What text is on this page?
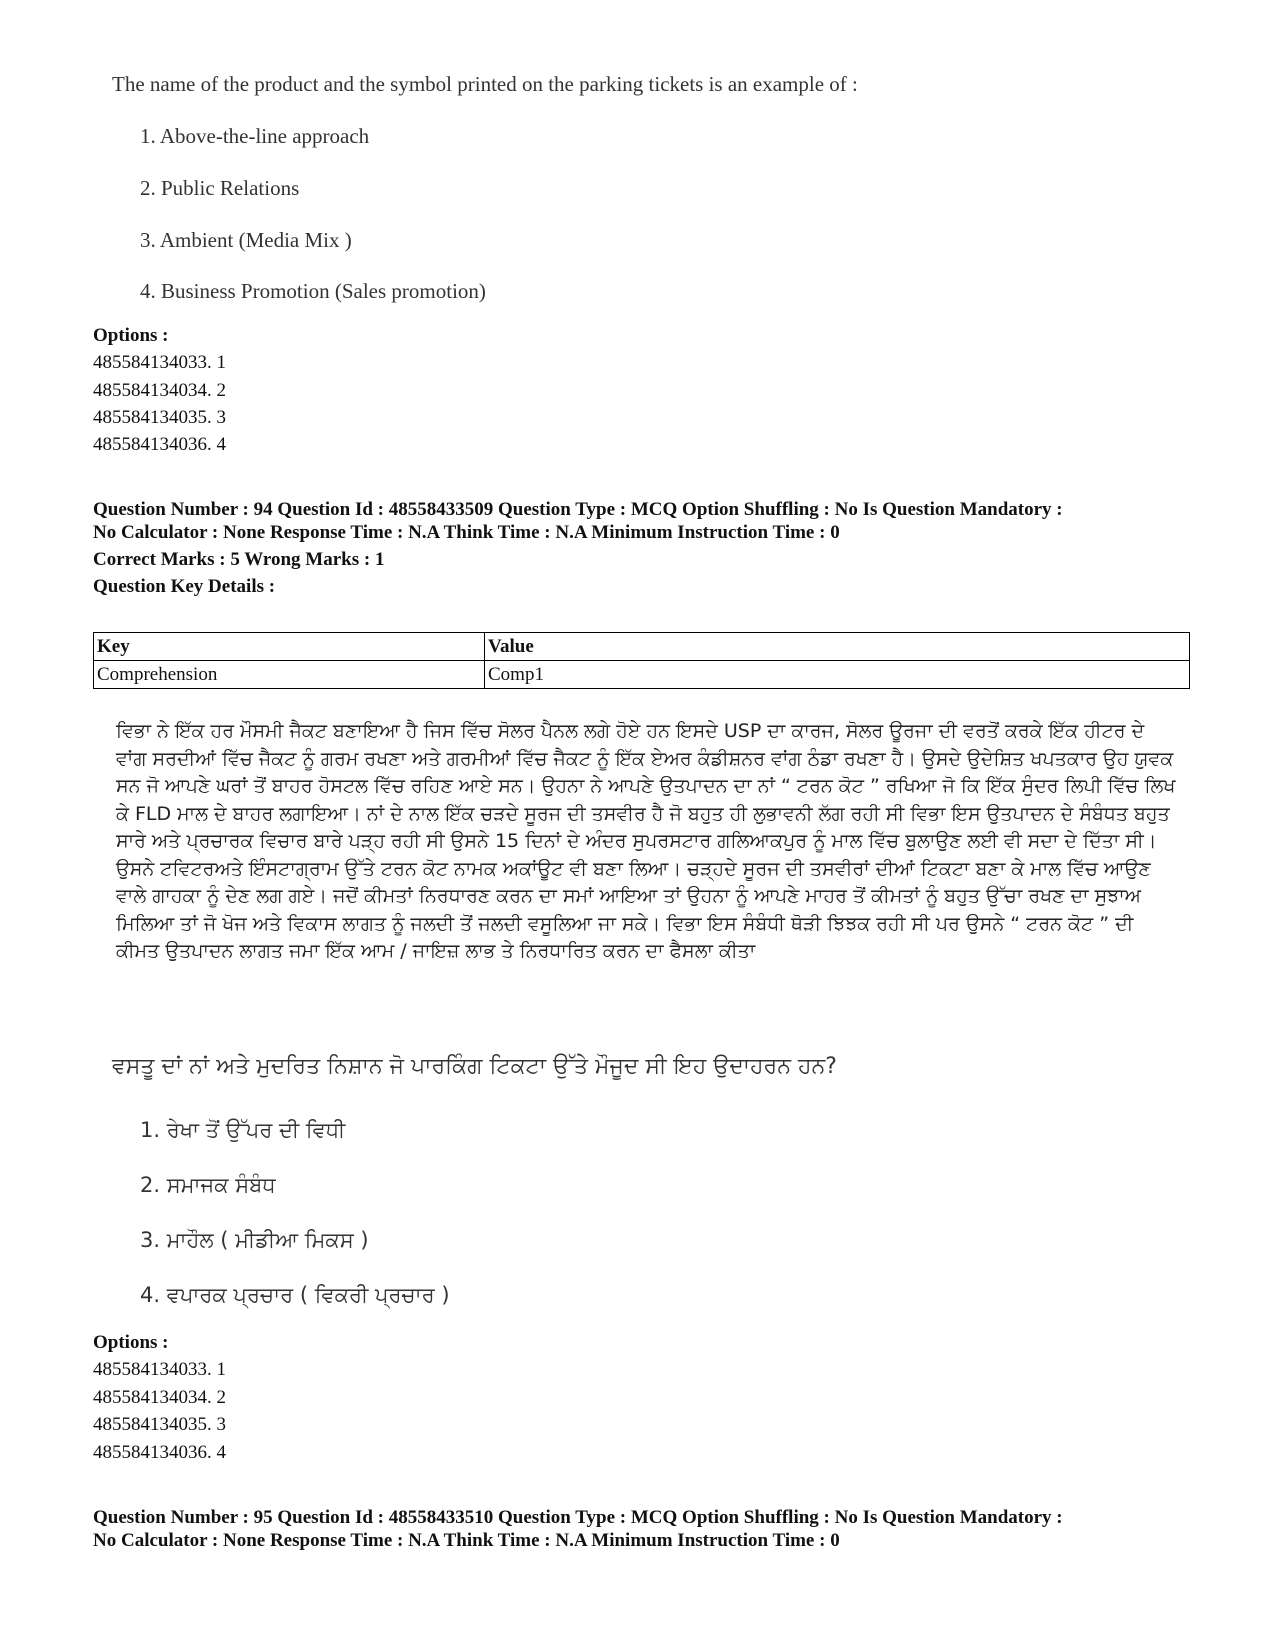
The name of the product and the symbol printed on the parking tickets is an example of :
1. Above-the-line approach
2. Public Relations
3. Ambient (Media Mix )
4. Business Promotion (Sales promotion)
Options :
485584134033. 1
485584134034. 2
485584134035. 3
485584134036. 4
Question Number : 94 Question Id : 48558433509 Question Type : MCQ Option Shuffling : No Is Question Mandatory :
No Calculator : None Response Time : N.A Think Time : N.A Minimum Instruction Time : 0
Correct Marks : 5 Wrong Marks : 1
Question Key Details :
Key	Value
Comprehension	Comp1
ਵਿਭਾ ਨੇ ਇੱਕ ਹਰ ਮੌਸਮੀ ਜੈਕਟ ਬਣਾਇਆ ਹੈ ਜਿਸ ਵਿੱਚ ਸੋਲਰ ਪੈਨਲ ਲਗੇ ਹੋਏ ਹਨ ਇਸਦੇ USP ਦਾ ਕਾਰਜ, ਸੋਲਰ ਊਰਜਾ ਦੀ ਵਰਤੋਂ ਕਰਕੇ ਇੱਕ ਹੀਟਰ ਦੇ ਵਾਂਗ ਸਰਦੀਆਂ ਵਿੱਚ ਜੈਕਟ ਨੂੰ ਗਰਮ ਰਖਣਾ ਅਤੇ ਗਰਮੀਆਂ ਵਿੱਚ ਜੈਕਟ ਨੂੰ ਇੱਕ ਏਅਰ ਕੰਡੀਸ਼ਨਰ ਵਾਂਗ ਠੰਡਾ ਰਖਣਾ ਹੈ। ਉਸਦੇ ਉਦੇਸ਼ਿਤ ਖਪਤਕਾਰ ਉਹ ਯੁਵਕ ਸਨ ਜੋ ਆਪਣੇ ਘਰਾਂ ਤੋਂ ਬਾਹਰ ਹੋਸਟਲ ਵਿੱਚ ਰਹਿਣ ਆਏ ਸਨ। ਉਹਨਾ ਨੇ ਆਪਣੇ ਉਤਪਾਦਨ ਦਾ ਨਾਂ “ ਟਰਨ ਕੋਟ ” ਰਖਿਆ ਜੋ ਕਿ ਇੱਕ ਸੁੰਦਰ ਲਿਪੀ ਵਿੱਚ ਲਿਖ ਕੇ FLD ਮਾਲ ਦੇ ਬਾਹਰ ਲਗਾਇਆ। ਨਾਂ ਦੇ ਨਾਲ ਇੱਕ ਚੜਦੇ ਸੂਰਜ ਦੀ ਤਸਵੀਰ ਹੈ ਜੋ ਬਹੁਤ ਹੀ ਲੁਭਾਵਨੀ ਲੱਗ ਰਹੀ ਸੀ ਵਿਭਾ ਇਸ ਉਤਪਾਦਨ ਦੇ ਸੰਬੰਧਤ ਬਹੁਤ ਸਾਰੇ ਅਤੇ ਪ੍ਰਚਾਰਕ ਵਿਚਾਰ ਬਾਰੇ ਪੜ੍ਹ ਰਹੀ ਸੀ ਉਸਨੇ 15 ਦਿਨਾਂ ਦੇ ਅੰਦਰ ਸੁਪਰਸਟਾਰ ਗਲਿਆਕਪੁਰ ਨੂੰ ਮਾਲ ਵਿੱਚ ਬੁਲਾਉਣ ਲਈ ਵੀ ਸਦਾ ਦੇ ਦਿੱਤਾ ਸੀ। ਉਸਨੇ ਟਵਿਟਰਅਤੇ ਇੰਸਟਾਗ੍ਰਾਮ ਉੱਤੇ ਟਰਨ ਕੋਟ ਨਾਮਕ ਅਕਾਂਊਟ ਵੀ ਬਣਾ ਲਿਆ। ਚੜ੍ਹਦੇ ਸੂਰਜ ਦੀ ਤਸਵੀਰਾਂ ਦੀਆਂ ਟਿਕਟਾ ਬਣਾ ਕੇ ਮਾਲ ਵਿੱਚ ਆਉਣ ਵਾਲੇ ਗਾਹਕਾ ਨੂੰ ਦੇਣ ਲਗ ਗਏ। ਜਦੋਂ ਕੀਮਤਾਂ ਨਿਰਧਾਰਣ ਕਰਨ ਦਾ ਸਮਾਂ ਆਇਆ ਤਾਂ ਉਹਨਾ ਨੂੰ ਆਪਣੇ ਮਾਹਰ ਤੋਂ ਕੀਮਤਾਂ ਨੂੰ ਬਹੁਤ ਉੱਚਾ ਰਖਣ ਦਾ ਸੁਝਾਅ ਮਿਲਿਆ ਤਾਂ ਜੋ ਖੋਜ ਅਤੇ ਵਿਕਾਸ ਲਾਗਤ ਨੂੰ ਜਲਦੀ ਤੋਂ ਜਲਦੀ ਵਸੂਲਿਆ ਜਾ ਸਕੇ। ਵਿਭਾ ਇਸ ਸੰਬੰਧੀ ਥੋੜੀ ਝਿਝਕ ਰਹੀ ਸੀ ਪਰ ਉਸਨੇ “ ਟਰਨ ਕੋਟ ” ਦੀ ਕੀਮਤ ਉਤਪਾਦਨ ਲਾਗਤ ਜਮਾ ਇੱਕ ਆਮ / ਜਾਇਜ਼ ਲਾਭ ਤੇ ਨਿਰਧਾਰਿਤ ਕਰਨ ਦਾ ਫੈਸਲਾ ਕੀਤਾ
ਵਸਤੂ ਦਾਂ ਨਾਂ ਅਤੇ ਮੁਦਰਿਤ ਨਿਸ਼ਾਨ ਜੋ ਪਾਰਕਿੰਗ ਟਿਕਟਾ ਉੱਤੇ ਮੌਜੂਦ ਸੀ ਇਹ ਉਦਾਹਰਨ ਹਨ?
1. ਰੇਖਾ ਤੋਂ ਉੱਪਰ ਦੀ ਵਿਧੀ
2. ਸਮਾਜਕ ਸੰਬੰਧ
3. ਮਾਹੌਲ ( ਮੀਡੀਆ ਮਿਕਸ )
4. ਵਪਾਰਕ ਪ੍ਰਚਾਰ ( ਵਿਕਰੀ ਪ੍ਰਚਾਰ )
Options :
485584134033. 1
485584134034. 2
485584134035. 3
485584134036. 4
Question Number : 95 Question Id : 48558433510 Question Type : MCQ Option Shuffling : No Is Question Mandatory :
No Calculator : None Response Time : N.A Think Time : N.A Minimum Instruction Time : 0
